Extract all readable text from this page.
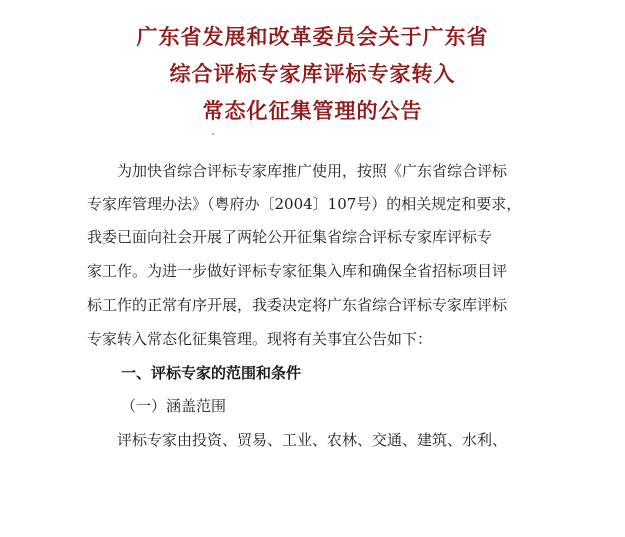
广东省发展和改革委员会关于广东省
综合评标专家库评标专家转入
常态化征集管理的公告
为加快省综合评标专家库推广使用，按照《广东省综合评标
专家库管理办法》（粤府办〔2004〕107号）的相关规定和要求，
我委已面向社会开展了两轮公开征集省综合评标专家库评标专
家工作。为进一步做好评标专家征集入库和确保全省招标项目评
标工作的正常有序开展，我委决定将广东省综合评标专家库评标
专家转入常态化征集管理。现将有关事宜公告如下：
一、评标专家的范围和条件
（一）涵盖范围
评标专家由投资、贸易、工业、农林、交通、建筑、水利、
